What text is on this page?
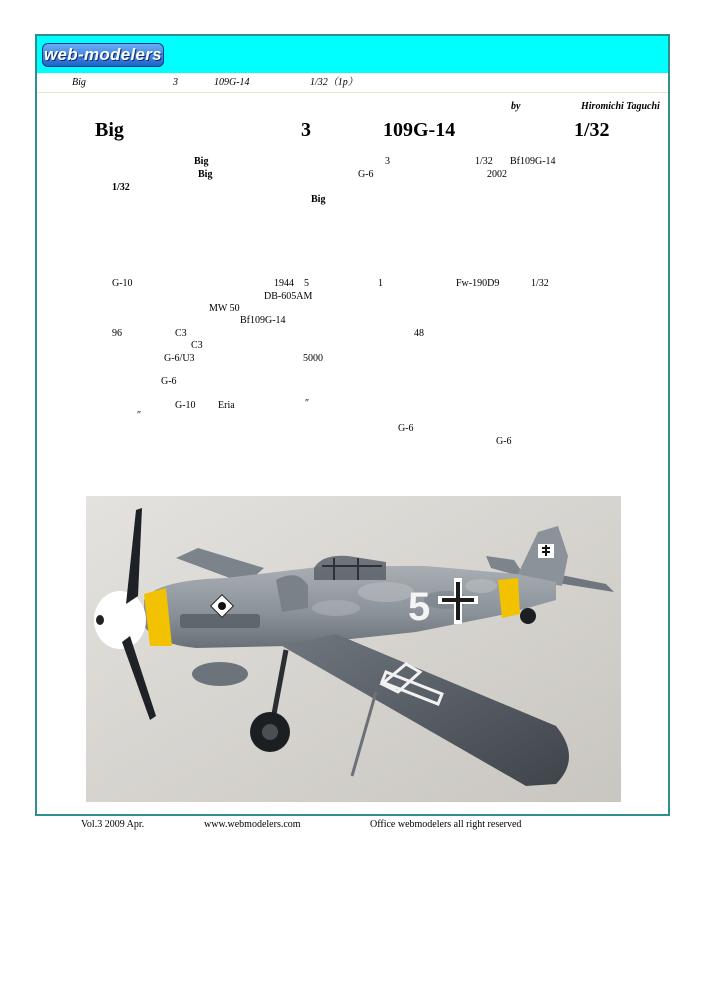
web-modelers
Big	3	109G-14	1/32（1p）
by	Hiromichi Taguchi
Big	3	109G-14	1/32
Big	3	1/32 Bf109G-14
Big	G-6	2002
1/32
Big
G-10	1944　5	1	Fw-190D9	1/32
DB-605AM
MW 50
Bf109G-14
96	C3	48
C3
G-6/U3	5000
G-6
G-10 Eria	″
″
G-6
G-6
5
Vol.3 2009 Apr.	www.webmodelers.com	Office webmodelers all right reserved
